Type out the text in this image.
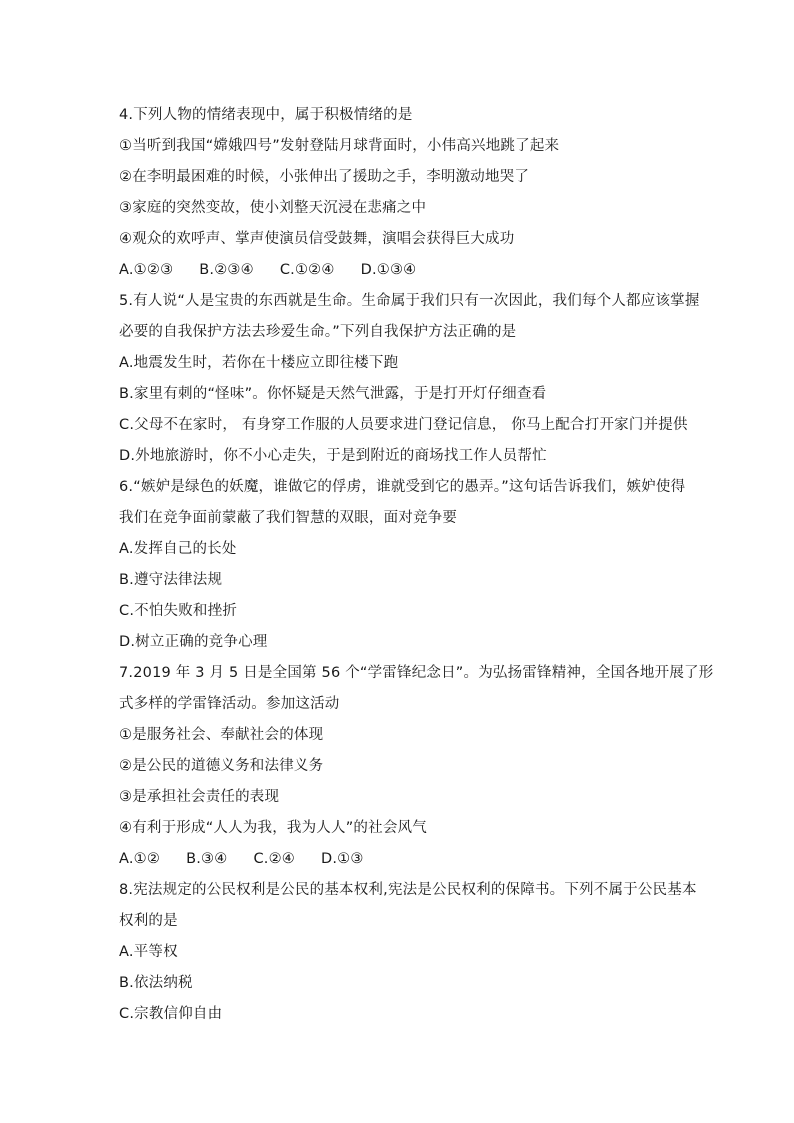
4.下列人物的情绪表现中，属于积极情绪的是
①当听到我国“嫦娥四号”发射登陆月球背面时，小伟高兴地跳了起来
②在李明最困难的时候，小张伸出了援助之手，李明激动地哭了
③家庭的突然变故，使小刘整天沉浸在悲痛之中
④观众的欢呼声、掌声使演员信受鼓舞，演唱会获得巨大成功
A.①②③ B.②③④ C.①②④ D.①③④
5.有人说“人是宝贵的东西就是生命。生命属于我们只有一次因此，我们每个人都应该掌握
必要的自我保护方法去珍爱生命。”下列自我保护方法正确的是
A.地震发生时，若你在十楼应立即往楼下跑
B.家里有刺的“怪味”。你怀疑是天然气泄露，于是打开灯仔细查看
C.父母不在家时， 有身穿工作服的人员要求进门登记信息， 你马上配合打开家门并提供
D.外地旅游时，你不小心走失，于是到附近的商场找工作人员帮忙
6.“嫉妒是绿色的妖魔，谁做它的俘虏，谁就受到它的愚弄。”这句话告诉我们，嫉妒使得
我们在竞争面前蒙蔽了我们智慧的双眼，面对竞争要
A.发挥自己的长处
B.遵守法律法规
C.不怕失败和挫折
D.树立正确的竞争心理
7.2019 年 3 月 5 日是全国第 56 个“学雷锋纪念日”。为弘扬雷锋精神，全国各地开展了形
式多样的学雷锋活动。参加这活动
①是服务社会、奉献社会的体现
②是公民的道德义务和法律义务
③是承担社会责任的表现
④有利于形成“人人为我，我为人人”的社会风气
A.①② B.③④ C.②④ D.①③
8.宪法规定的公民权利是公民的基本权利,宪法是公民权利的保障书。下列不属于公民基本
权利的是
A.平等权
B.依法纳税
C.宗教信仰自由
